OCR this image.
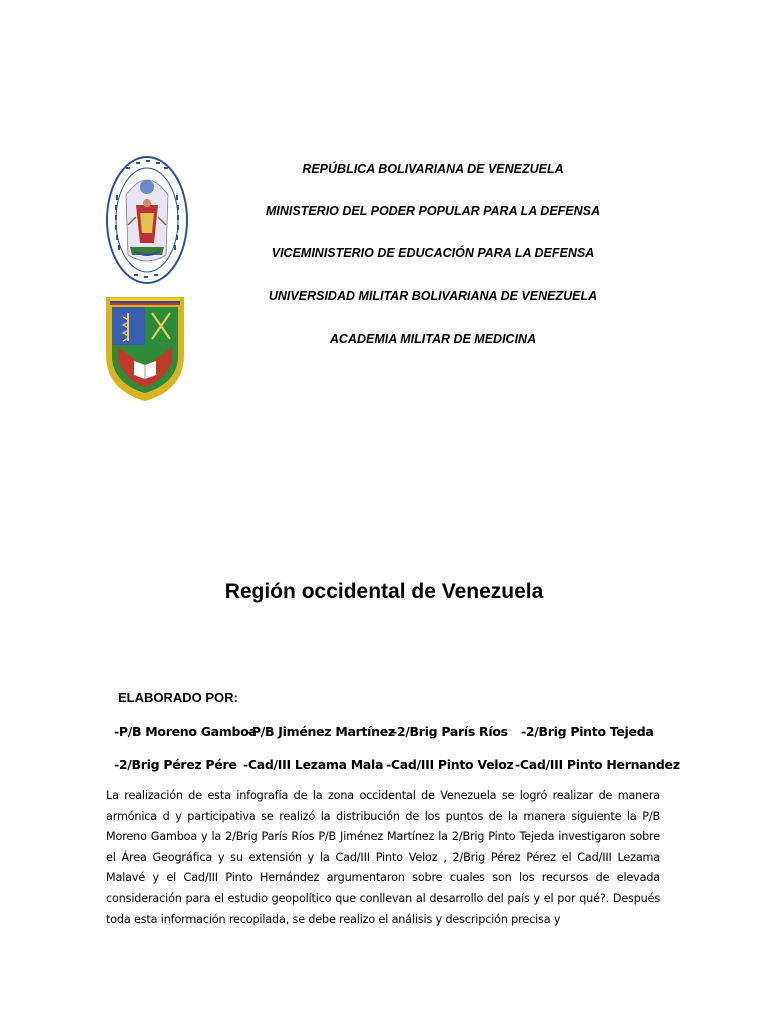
REPÚBLICA BOLIVARIANA DE VENEZUELA
MINISTERIO DEL PODER POPULAR PARA LA DEFENSA
VICEMINISTERIO DE EDUCACIÓN PARA LA DEFENSA
UNIVERSIDAD MILITAR BOLIVARIANA DE VENEZUELA
ACADEMIA MILITAR DE MEDICINA
Región occidental de Venezuela
ELABORADO POR:
-P/B Moreno Gamboa
-P/B Jiménez Martínez
-2/Brig París Ríos -2/Brig Pinto Tejeda
-2/Brig Pérez Pére -Cad/III Lezama Mala -Cad/III Pinto Veloz -Cad/III Pinto Hernandez
La realización de esta infografía de la zona occidental de Venezuela se logró realizar de manera armónica d y participativa se realizó la distribución de los puntos de la manera siguiente la P/B Moreno Gamboa y la 2/Brig París Ríos P/B Jiménez Martínez la 2/Brig Pinto Tejeda investigaron sobre el Área Geográfica y su extensión y la Cad/III Pinto Veloz , 2/Brig Pérez Pérez el Cad/III Lezama Malavé y el Cad/III Pinto Hernández argumentaron sobre cuales son los recursos de elevada consideración para el estudio geopolítico que conllevan al desarrollo del país y el por qué?. Después toda esta información recopilada, se debe realizo el análisis y descripción precisa y
